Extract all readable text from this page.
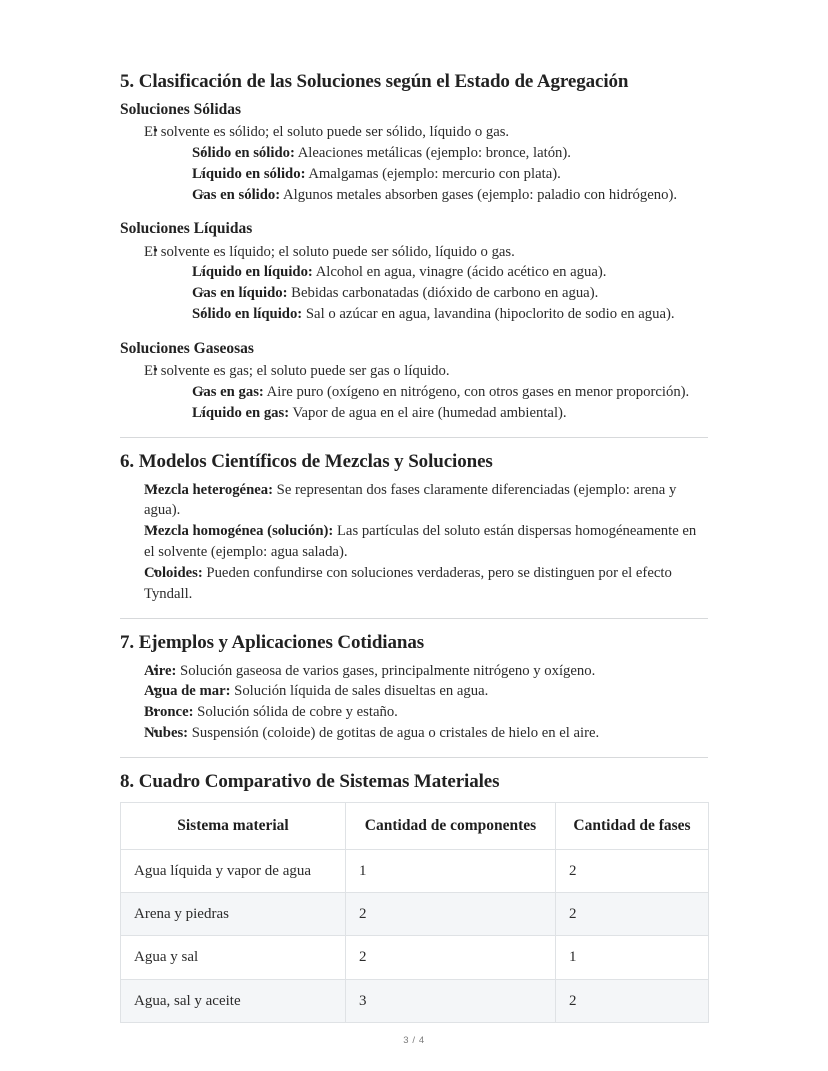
5. Clasificación de las Soluciones según el Estado de Agregación
Soluciones Sólidas
• El solvente es sólido; el soluto puede ser sólido, líquido o gas.
◦ Sólido en sólido: Aleaciones metálicas (ejemplo: bronce, latón).
◦ Líquido en sólido: Amalgamas (ejemplo: mercurio con plata).
◦ Gas en sólido: Algunos metales absorben gases (ejemplo: paladio con hidrógeno).
Soluciones Líquidas
• El solvente es líquido; el soluto puede ser sólido, líquido o gas.
◦ Líquido en líquido: Alcohol en agua, vinagre (ácido acético en agua).
◦ Gas en líquido: Bebidas carbonatadas (dióxido de carbono en agua).
◦ Sólido en líquido: Sal o azúcar en agua, lavandina (hipoclorito de sodio en agua).
Soluciones Gaseosas
• El solvente es gas; el soluto puede ser gas o líquido.
◦ Gas en gas: Aire puro (oxígeno en nitrógeno, con otros gases en menor proporción).
◦ Líquido en gas: Vapor de agua en el aire (humedad ambiental).
6. Modelos Científicos de Mezclas y Soluciones
• Mezcla heterogénea: Se representan dos fases claramente diferenciadas (ejemplo: arena y agua).
• Mezcla homogénea (solución): Las partículas del soluto están dispersas homogéneamente en el solvente (ejemplo: agua salada).
• Coloides: Pueden confundirse con soluciones verdaderas, pero se distinguen por el efecto Tyndall.
7. Ejemplos y Aplicaciones Cotidianas
• Aire: Solución gaseosa de varios gases, principalmente nitrógeno y oxígeno.
• Agua de mar: Solución líquida de sales disueltas en agua.
• Bronce: Solución sólida de cobre y estaño.
• Nubes: Suspensión (coloide) de gotitas de agua o cristales de hielo en el aire.
8. Cuadro Comparativo de Sistemas Materiales
Sistema material	Cantidad de componentes	Cantidad de fases
Agua líquida y vapor de agua	1	2
Arena y piedras	2	2
Agua y sal	2	1
Agua, sal y aceite	3	2
3 / 4
